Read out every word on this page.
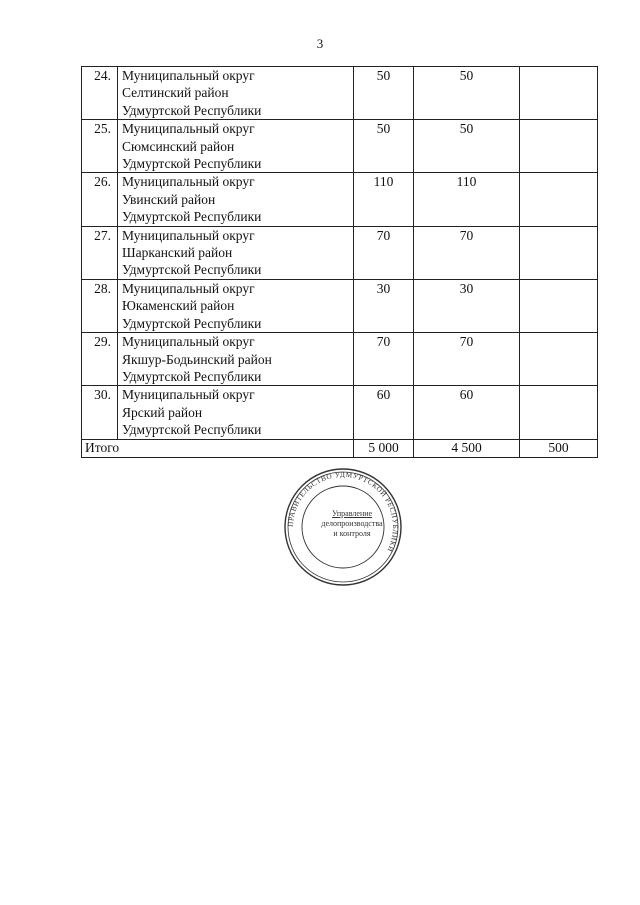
3
24.	Муниципальный округ
Селтинский район
Удмуртской Республики	50	50	
25.	Муниципальный округ
Сюмсинский район
Удмуртской Республики	50	50	
26.	Муниципальный округ
Увинский район
Удмуртской Республики	110	110	
27.	Муниципальный округ
Шарканский район
Удмуртской Республики	70	70	
28.	Муниципальный округ
Юкаменский район
Удмуртской Республики	30	30	
29.	Муниципальный округ
Якшур-Бодьинский район
Удмуртской Республики	70	70	
30.	Муниципальный округ
Ярский район
Удмуртской Республики	60	60	
Итого		5 000	4 500	500
ПРАВИТЕЛЬСТВО УДМУРТСКОЙ РЕСПУБЛИКИ
Управление
делопроизводства
и контроля
